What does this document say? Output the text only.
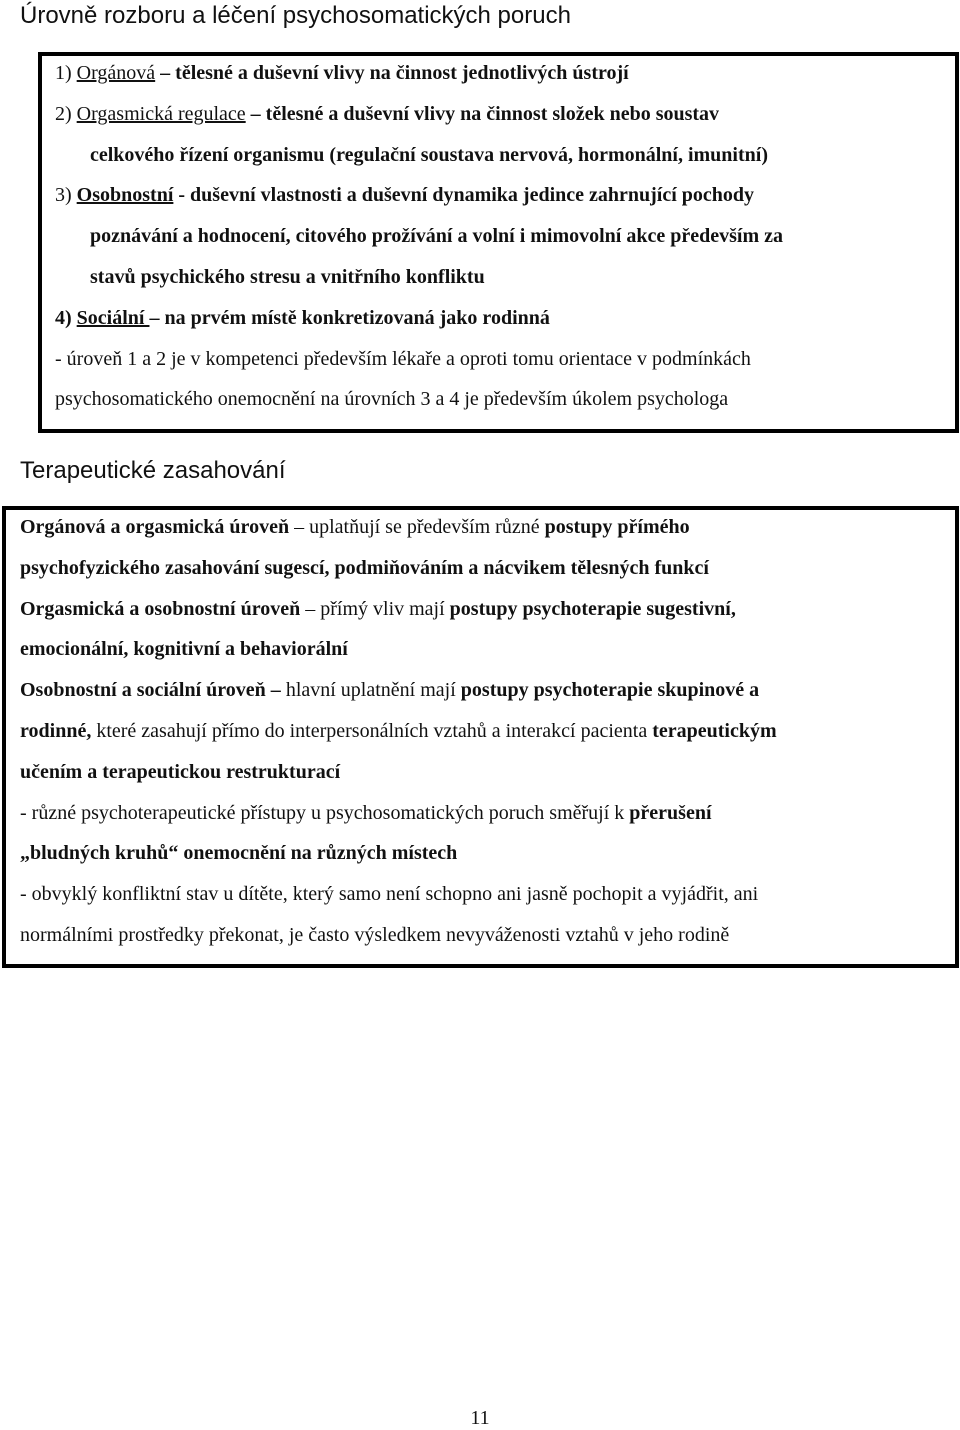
Úrovně rozboru a léčení psychosomatických poruch
Terapeutické zasahování

11

1) Orgánová – tělesné a duševní vlivy na činnost jednotlivých ústrojí

2) Orgasmická regulace – tělesné a duševní vlivy na činnost složek nebo soustav

celkového řízení organismu (regulační soustava nervová, hormonální, imunitní)

3) Osobnostní - duševní vlastnosti a duševní dynamika jedince zahrnující pochody

poznávání a hodnocení, citového prožívání a volní i mimovolní akce především za

stavů psychického stresu a vnitřního konfliktu

4) Sociální – na prvém místě konkretizovaná jako rodinná

- úroveň 1 a 2 je v kompetenci především lékaře a oproti tomu orientace v podmínkách

psychosomatického onemocnění na úrovních 3 a 4 je především úkolem psychologa

Orgánová a orgasmická úroveň – uplatňují se především různé postupy přímého

psychofyzického zasahování sugescí, podmiňováním a nácvikem tělesných funkcí

Orgasmická a osobnostní úroveň – přímý vliv mají postupy psychoterapie sugestivní,

emocionální, kognitivní a behaviorální

Osobnostní a sociální úroveň – hlavní uplatnění mají postupy psychoterapie skupinové a

rodinné, které zasahují přímo do interpersonálních vztahů a interakcí pacienta terapeutickým

učením a terapeutickou restrukturací

- různé psychoterapeutické přístupy u psychosomatických poruch směřují k přerušení

„bludných kruhů“ onemocnění na různých místech

- obvyklý konfliktní stav u dítěte, který samo není schopno ani jasně pochopit a vyjádřit, ani

normálními prostředky překonat, je často výsledkem nevyváženosti vztahů v jeho rodině
